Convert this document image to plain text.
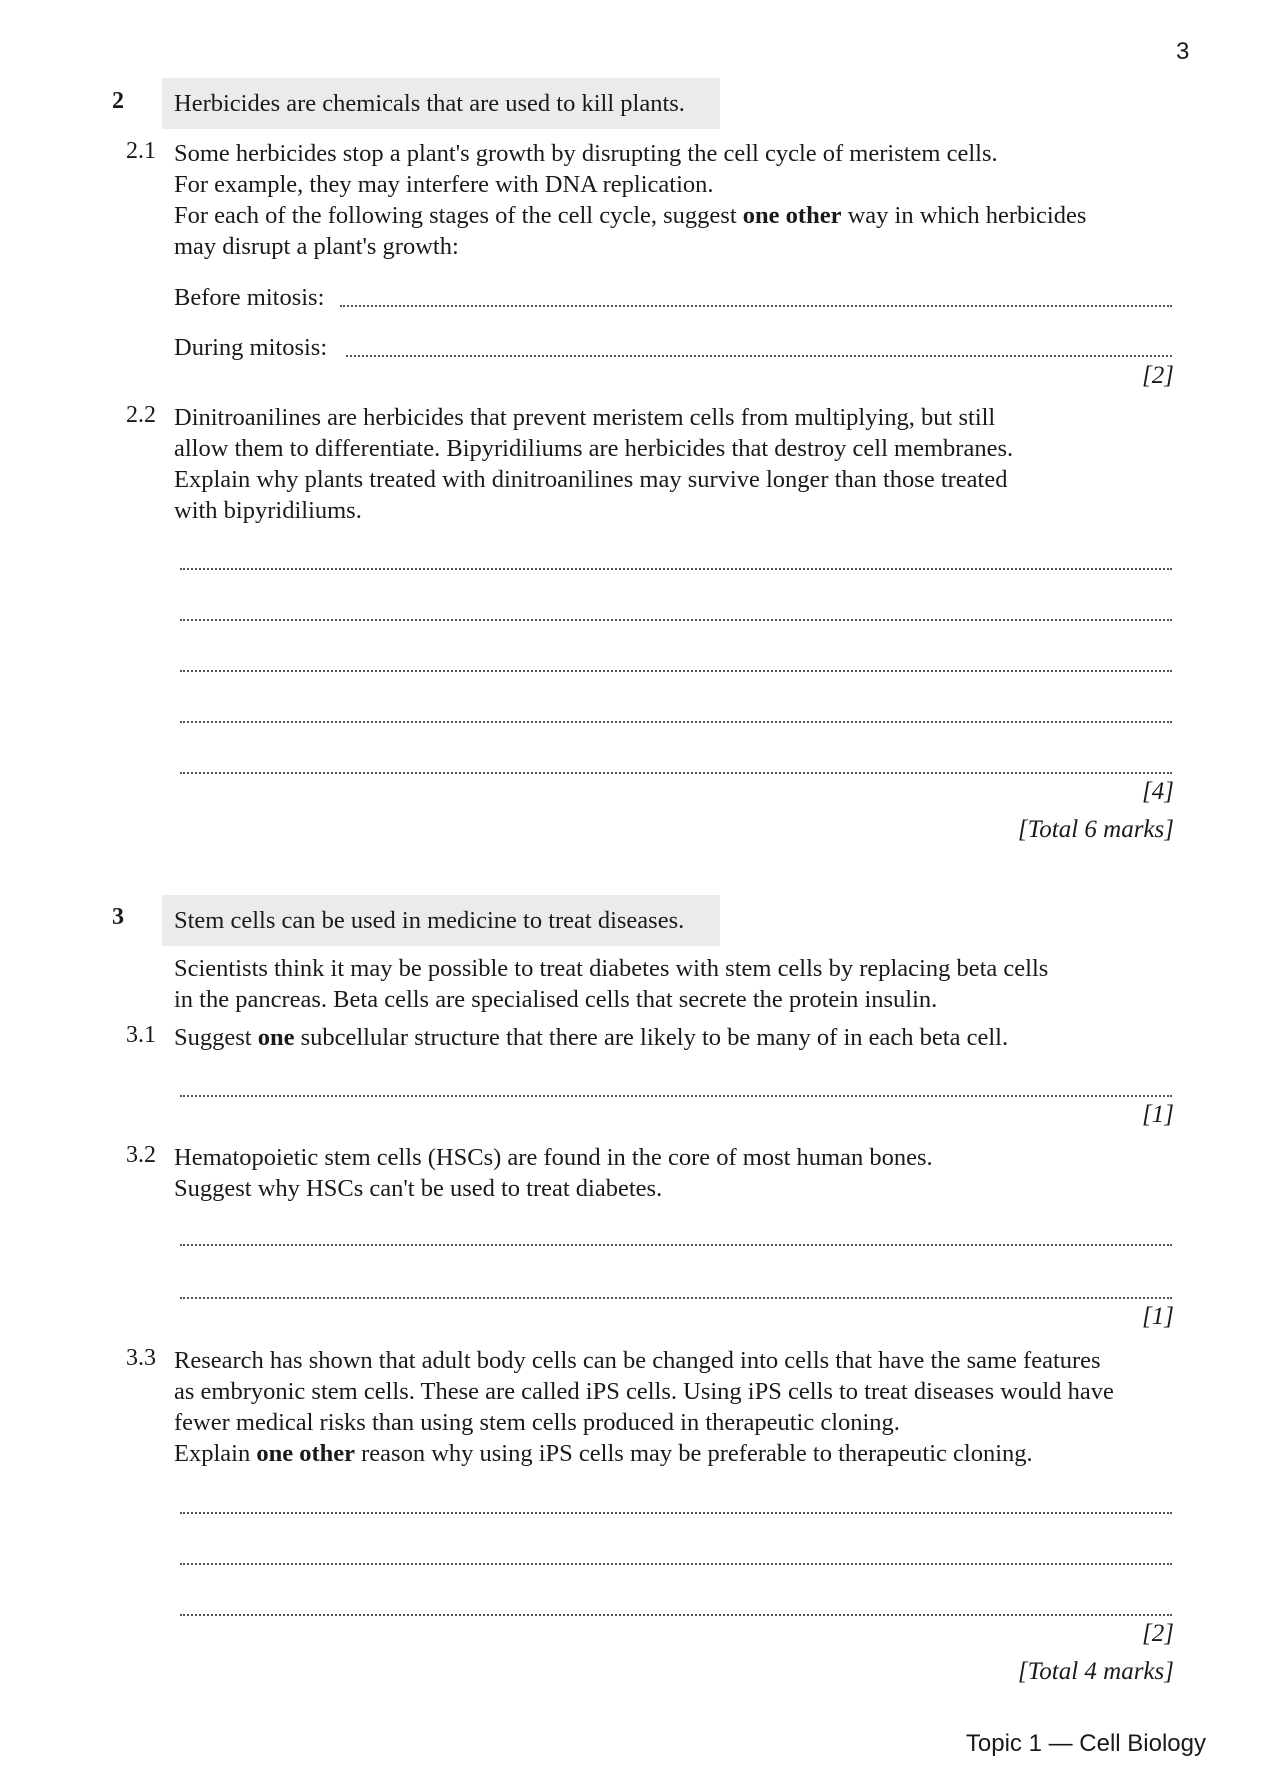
3
2	Herbicides are chemicals that are used to kill plants.
2.1 Some herbicides stop a plant's growth by disrupting the cell cycle of meristem cells.
For example, they may interfere with DNA replication.
For each of the following stages of the cell cycle, suggest one other way in which herbicides
may disrupt a plant's growth:
Before mitosis:
During mitosis:
[2]
2.2 Dinitroanilines are herbicides that prevent meristem cells from multiplying, but still
allow them to differentiate. Bipyridiliums are herbicides that destroy cell membranes.
Explain why plants treated with dinitroanilines may survive longer than those treated
with bipyridiliums.
[4]
[Total 6 marks]
3	Stem cells can be used in medicine to treat diseases.
Scientists think it may be possible to treat diabetes with stem cells by replacing beta cells
in the pancreas. Beta cells are specialised cells that secrete the protein insulin.
3.1 Suggest one subcellular structure that there are likely to be many of in each beta cell.
[1]
3.2 Hematopoietic stem cells (HSCs) are found in the core of most human bones.
Suggest why HSCs can't be used to treat diabetes.
[1]
3.3 Research has shown that adult body cells can be changed into cells that have the same features
as embryonic stem cells. These are called iPS cells. Using iPS cells to treat diseases would have
fewer medical risks than using stem cells produced in therapeutic cloning.
Explain one other reason why using iPS cells may be preferable to therapeutic cloning.
[2]
[Total 4 marks]
Topic 1 — Cell Biology
